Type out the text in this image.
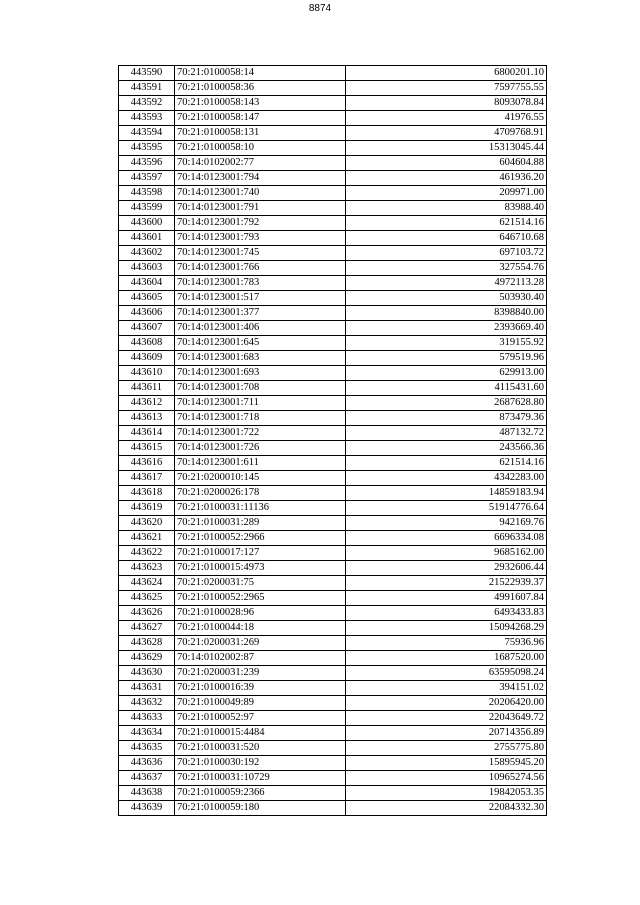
8874
443590	70:21:0100058:14	6800201.10
443591	70:21:0100058:36	7597755.55
443592	70:21:0100058:143	8093078.84
443593	70:21:0100058:147	41976.55
443594	70:21:0100058:131	4709768.91
443595	70:21:0100058:10	15313045.44
443596	70:14:0102002:77	604604.88
443597	70:14:0123001:794	461936.20
443598	70:14:0123001:740	209971.00
443599	70:14:0123001:791	83988.40
443600	70:14:0123001:792	621514.16
443601	70:14:0123001:793	646710.68
443602	70:14:0123001:745	697103.72
443603	70:14:0123001:766	327554.76
443604	70:14:0123001:783	4972113.28
443605	70:14:0123001:517	503930.40
443606	70:14:0123001:377	8398840.00
443607	70:14:0123001:406	2393669.40
443608	70:14:0123001:645	319155.92
443609	70:14:0123001:683	579519.96
443610	70:14:0123001:693	629913.00
443611	70:14:0123001:708	4115431.60
443612	70:14:0123001:711	2687628.80
443613	70:14:0123001:718	873479.36
443614	70:14:0123001:722	487132.72
443615	70:14:0123001:726	243566.36
443616	70:14:0123001:611	621514.16
443617	70:21:0200010:145	4342283.00
443618	70:21:0200026:178	14859183.94
443619	70:21:0100031:11136	51914776.64
443620	70:21:0100031:289	942169.76
443621	70:21:0100052:2966	6696334.08
443622	70:21:0100017:127	9685162.00
443623	70:21:0100015:4973	2932606.44
443624	70:21:0200031:75	21522939.37
443625	70:21:0100052:2965	4991607.84
443626	70:21:0100028:96	6493433.83
443627	70:21:0100044:18	15094268.29
443628	70:21:0200031:269	75936.96
443629	70:14:0102002:87	1687520.00
443630	70:21:0200031:239	63595098.24
443631	70:21:0100016:39	394151.02
443632	70:21:0100049:89	20206420.00
443633	70:21:0100052:97	22043649.72
443634	70:21:0100015:4484	20714356.89
443635	70:21:0100031:520	2755775.80
443636	70:21:0100030:192	15895945.20
443637	70:21:0100031:10729	10965274.56
443638	70:21:0100059:2366	19842053.35
443639	70:21:0100059:180	22084332.30
